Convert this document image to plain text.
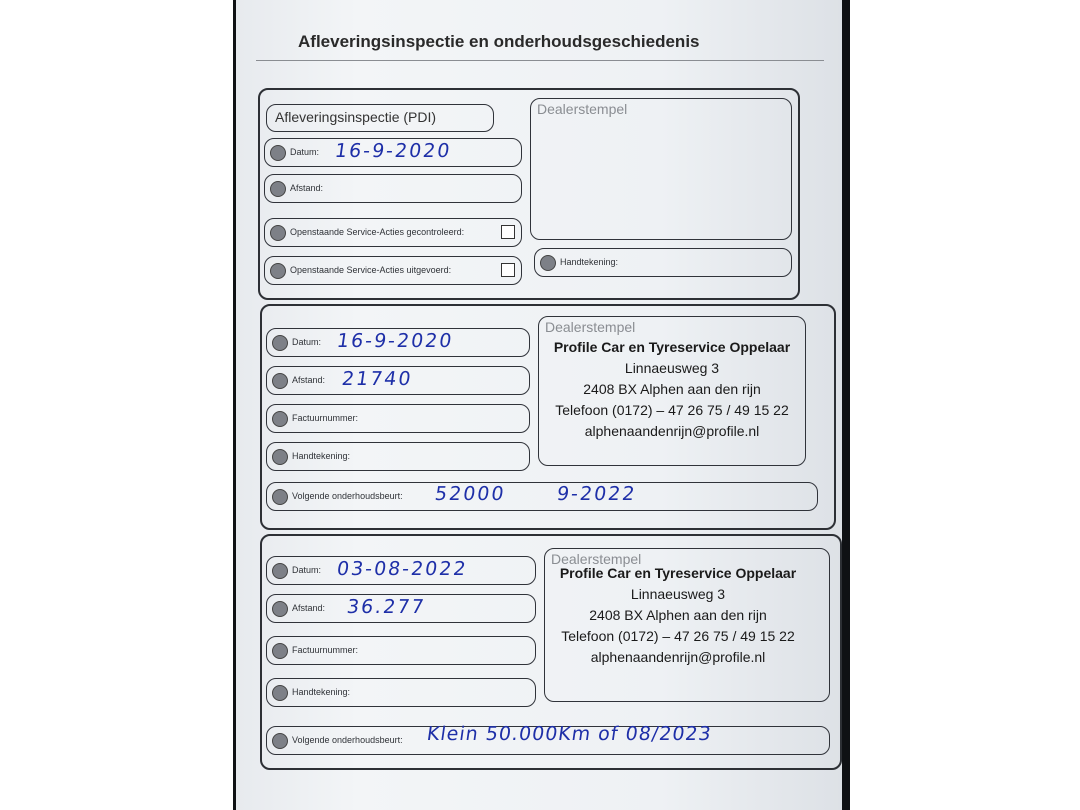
Afleveringsinspectie en onderhoudsgeschiedenis
Afleveringsinspectie (PDI)
Datum: 16-9-2020
Afstand:
Openstaande Service-Acties gecontroleerd:
Openstaande Service-Acties uitgevoerd:
Dealerstempel
Handtekening:
Datum: 16-9-2020
Afstand: 21740
Factuurnummer:
Handtekening:
Dealerstempel
Profile Car en Tyreservice Oppelaar
Linnaeusweg 3
2408 BX Alphen aan den rijn
Telefoon (0172) – 47 26 75 / 49 15 22
alphenaandenrijn@profile.nl
Volgende onderhoudsbeurt: 52000	9-2022
Datum: 03-08-2022
Afstand: 36.277
Factuurnummer:
Handtekening:
Dealerstempel
Profile Car en Tyreservice Oppelaar
Linnaeusweg 3
2408 BX Alphen aan den rijn
Telefoon (0172) – 47 26 75 / 49 15 22
alphenaandenrijn@profile.nl
Volgende onderhoudsbeurt: Klein 50.000Km of 08/2023
